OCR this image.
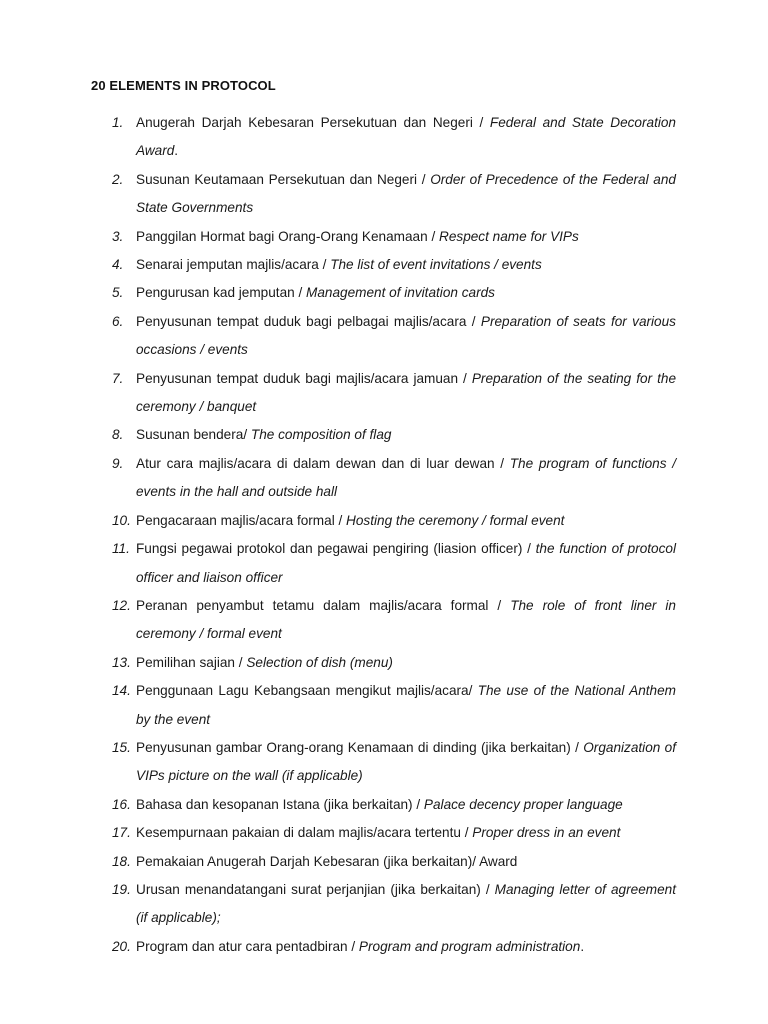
20 ELEMENTS IN PROTOCOL
1. Anugerah Darjah Kebesaran Persekutuan dan Negeri / Federal and State Decoration Award.
2. Susunan Keutamaan Persekutuan dan Negeri / Order of Precedence of the Federal and State Governments
3. Panggilan Hormat bagi Orang-Orang Kenamaan / Respect name for VIPs
4. Senarai jemputan majlis/acara / The list of event invitations / events
5. Pengurusan kad jemputan / Management of invitation cards
6. Penyusunan tempat duduk bagi pelbagai majlis/acara / Preparation of seats for various occasions / events
7. Penyusunan tempat duduk bagi majlis/acara jamuan / Preparation of the seating for the ceremony / banquet
8. Susunan bendera/ The composition of flag
9. Atur cara majlis/acara di dalam dewan dan di luar dewan / The program of functions / events in the hall and outside hall
10. Pengacaraan majlis/acara formal / Hosting the ceremony / formal event
11. Fungsi pegawai protokol dan pegawai pengiring (liasion officer) / the function of protocol officer and liaison officer
12. Peranan penyambut tetamu dalam majlis/acara formal / The role of front liner in ceremony / formal event
13. Pemilihan sajian / Selection of dish (menu)
14. Penggunaan Lagu Kebangsaan mengikut majlis/acara/ The use of the National Anthem by the event
15. Penyusunan gambar Orang-orang Kenamaan di dinding (jika berkaitan) / Organization of VIPs picture on the wall (if applicable)
16. Bahasa dan kesopanan Istana (jika berkaitan) / Palace decency proper language
17. Kesempurnaan pakaian di dalam majlis/acara tertentu / Proper dress in an event
18. Pemakaian Anugerah Darjah Kebesaran (jika berkaitan)/ Award
19. Urusan menandatangani surat perjanjian (jika berkaitan) / Managing letter of agreement (if applicable);
20. Program dan atur cara pentadbiran / Program and program administration.
